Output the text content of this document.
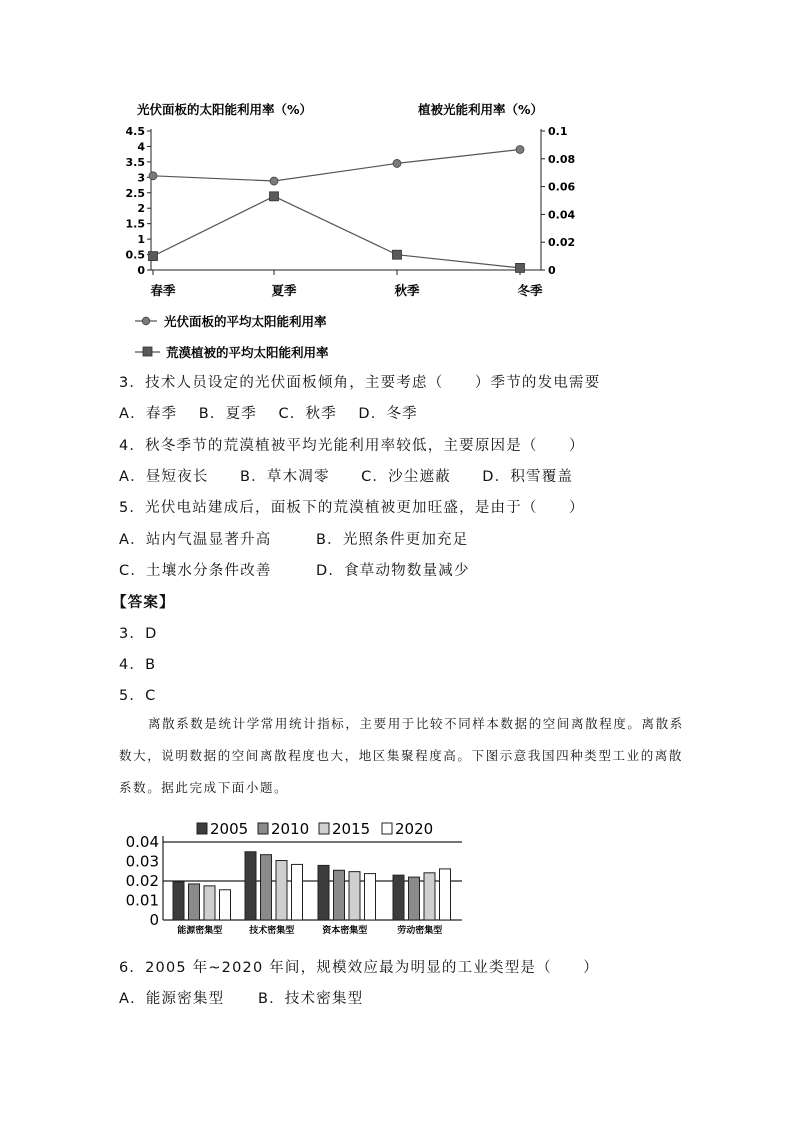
光伏面板的太阳能利用率（%）	植被光能利用率（%）
4.5
4
3.5
3
2.5
2
1.5
1
0.5
0
0.1
0.08
0.06
0.04
0.02
0
春季	夏季	秋季	冬季
光伏面板的平均太阳能利用率
荒漠植被的平均太阳能利用率
3．技术人员设定的光伏面板倾角，主要考虑（　　）季节的发电需要
A．春季　 B．夏季　 C．秋季　 D．冬季
4．秋冬季节的荒漠植被平均光能利用率较低，主要原因是（　　）
A．昼短夜长　　B．草木凋零　　C．沙尘遮蔽　　D．积雪覆盖
5．光伏电站建成后，面板下的荒漠植被更加旺盛，是由于（　　）
A．站内气温显著升高	B．光照条件更加充足
C．土壤水分条件改善	D．食草动物数量减少
【答案】
3．D
4．B
5．C
离散系数是统计学常用统计指标，主要用于比较不同样本数据的空间离散程度。离散系
数大，说明数据的空间离散程度也大，地区集聚程度高。下图示意我国四种类型工业的离散
系数。据此完成下面小题。
2005 2010 2015 2020
0.04
0.03
0.02
0.01
0
能源密集型	技术密集型	资本密集型	劳动密集型
6．2005 年~2020 年间，规模效应最为明显的工业类型是（　　）
A．能源密集型 B．技术密集型
